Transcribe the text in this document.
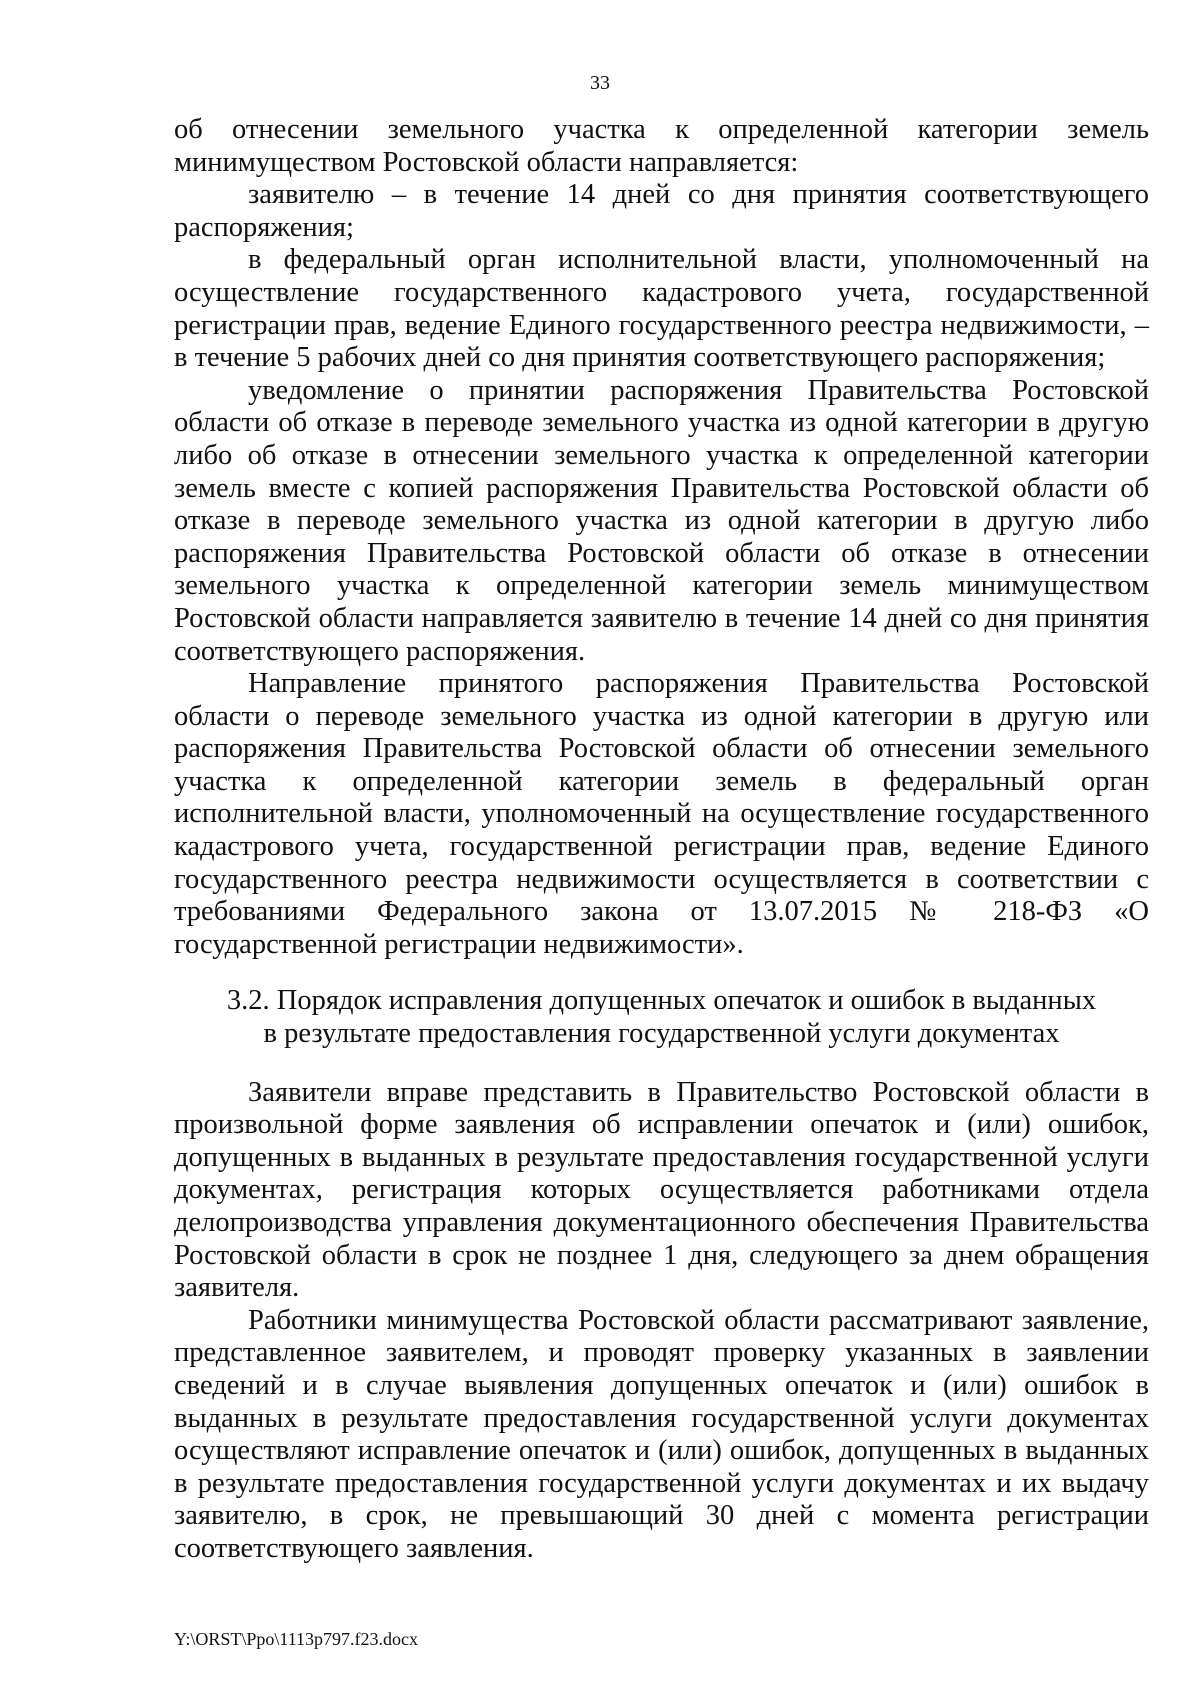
33

об отнесении земельного участка к определенной категории земель минимуществом Ростовской области направляется:

заявителю – в течение 14 дней со дня принятия соответствующего распоряжения;

в федеральный орган исполнительной власти, уполномоченный на осуществление государственного кадастрового учета, государственной регистрации прав, ведение Единого государственного реестра недвижимости, – в течение 5 рабочих дней со дня принятия соответствующего распоряжения;

уведомление о принятии распоряжения Правительства Ростовской области об отказе в переводе земельного участка из одной категории в другую либо об отказе в отнесении земельного участка к определенной категории земель вместе с копией распоряжения Правительства Ростовской области об отказе в переводе земельного участка из одной категории в другую либо распоряжения Правительства Ростовской области об отказе в отнесении земельного участка к определенной категории земель минимуществом Ростовской области направляется заявителю в течение 14 дней со дня принятия соответствующего распоряжения.

Направление принятого распоряжения Правительства Ростовской области о переводе земельного участка из одной категории в другую или распоряжения Правительства Ростовской области об отнесении земельного участка к определенной категории земель в федеральный орган исполнительной власти, уполномоченный на осуществление государственного кадастрового учета, государственной регистрации прав, ведение Единого государственного реестра недвижимости осуществляется в соответствии с требованиями Федерального закона от 13.07.2015 № 218-ФЗ «О государственной регистрации недвижимости».

3.2. Порядок исправления допущенных опечаток и ошибок в выданных
в результате предоставления государственной услуги документах

Заявители вправе представить в Правительство Ростовской области в произвольной форме заявления об исправлении опечаток и (или) ошибок, допущенных в выданных в результате предоставления государственной услуги документах, регистрация которых осуществляется работниками отдела делопроизводства управления документационного обеспечения Правительства Ростовской области в срок не позднее 1 дня, следующего за днем обращения заявителя.

Работники минимущества Ростовской области рассматривают заявление, представленное заявителем, и проводят проверку указанных в заявлении сведений и в случае выявления допущенных опечаток и (или) ошибок в выданных в результате предоставления государственной услуги документах осуществляют исправление опечаток и (или) ошибок, допущенных в выданных в результате предоставления государственной услуги документах и их выдачу заявителю, в срок, не превышающий 30 дней с момента регистрации соответствующего заявления.

Y:\ORST\Ppo\1113p797.f23.docx
